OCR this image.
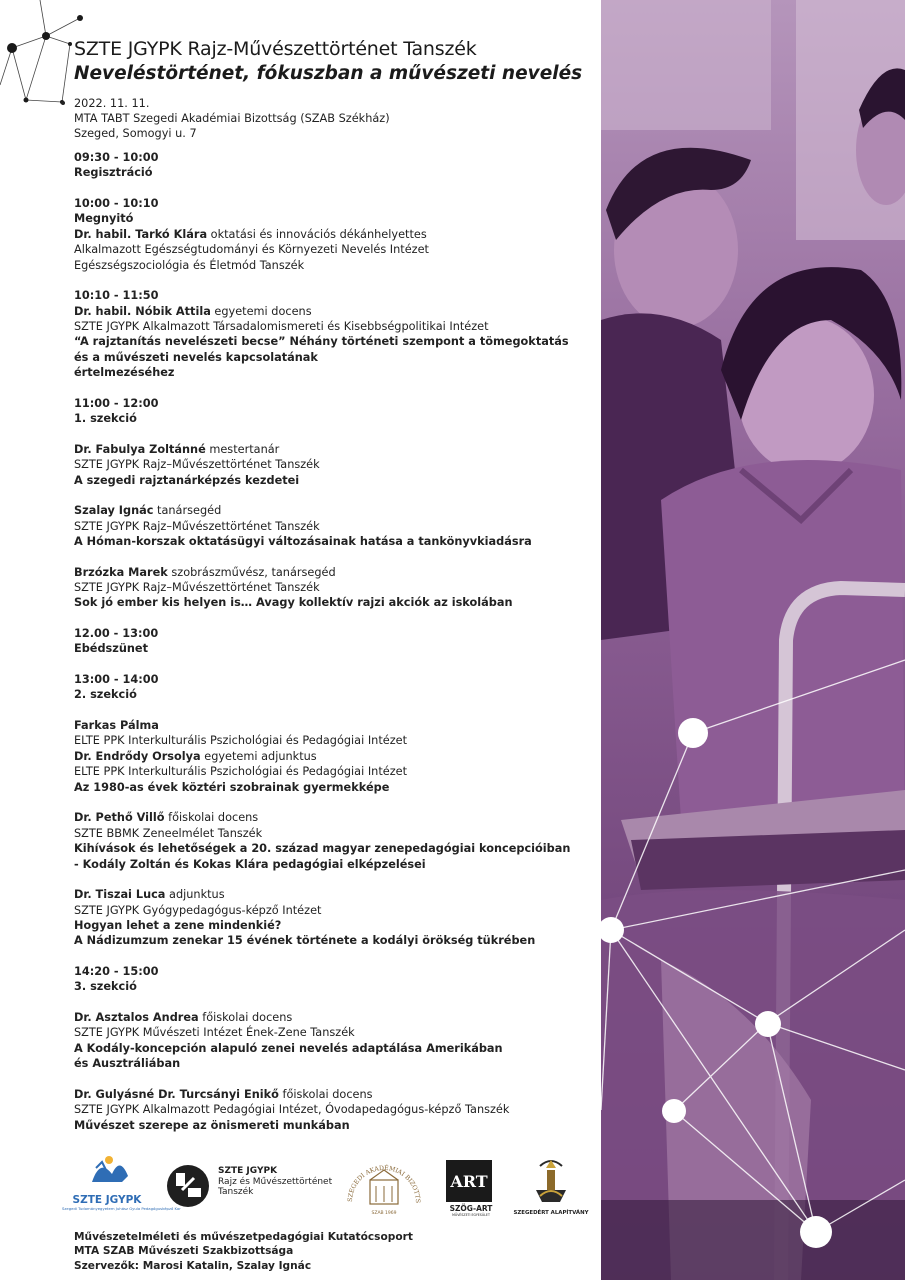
SZTE JGYPK Rajz-Művészettörténet Tanszék
Neveléstörténet, fókuszban a művészeti nevelés
2022. 11. 11.
MTA TABT Szegedi Akadémiai Bizottság (SZAB Székház)
Szeged, Somogyi u. 7
09:30 - 10:00
Regisztráció
10:00 - 10:10
Megnyitó
Dr. habil. Tarkó Klára oktatási és innovációs dékánhelyettes
Alkalmazott Egészségtudományi és Környezeti Nevelés Intézet
Egészségszociológia és Életmód Tanszék
10:10 - 11:50
Dr. habil. Nóbik Attila egyetemi docens
SZTE JGYPK Alkalmazott Társadalomismereti és Kisebbségpolitikai Intézet
“A rajztanítás nevelészeti becse” Néhány történeti szempont a tömegoktatás
és a művészeti nevelés kapcsolatának
értelmezéséhez
11:00 - 12:00
1. szekció
Dr. Fabulya Zoltánné mestertanár
SZTE JGYPK Rajz–Művészettörténet Tanszék
A szegedi rajztanárképzés kezdetei
Szalay Ignác tanársegéd
SZTE JGYPK Rajz–Művészettörténet Tanszék
A Hóman-korszak oktatásügyi változásainak hatása a tankönyvkiadásra
Brzózka Marek szobrászművész, tanársegéd
SZTE JGYPK Rajz–Művészettörténet Tanszék
Sok jó ember kis helyen is… Avagy kollektív rajzi akciók az iskolában
12.00 - 13:00
Ebédszünet
13:00 - 14:00
2. szekció
Farkas Pálma
ELTE PPK Interkulturális Pszichológiai és Pedagógiai Intézet
Dr. Endrődy Orsolya egyetemi adjunktus
ELTE PPK Interkulturális Pszichológiai és Pedagógiai Intézet
Az 1980-as évek köztéri szobrainak gyermekképe
Dr. Pethő Villő főiskolai docens
SZTE BBMK Zeneelmélet Tanszék
Kihívások és lehetőségek a 20. század magyar zenepedagógiai koncepcióiban
- Kodály Zoltán és Kokas Klára pedagógiai elképzelései
Dr. Tiszai Luca adjunktus
SZTE JGYPK Gyógypedagógus-képző Intézet
Hogyan lehet a zene mindenkié?
A Nádizumzum zenekar 15 évének története a kodályi örökség tükrében
14:20 - 15:00
3. szekció
Dr. Asztalos Andrea főiskolai docens
SZTE JGYPK Művészeti Intézet Ének-Zene Tanszék
A Kodály-koncepción alapuló zenei nevelés adaptálása Amerikában
és Ausztráliában
Dr. Gulyásné Dr. Turcsányi Enikő főiskolai docens
SZTE JGYPK Alkalmazott Pedagógiai Intézet, Óvodapedagógus-képző Tanszék
Művészet szerepe az önismereti munkában
SZTE JGYPK
Szegedi Tudományegyetem Juhász Gyula Pedagógusképző Kar
SZTE JGYPK
Rajz és Művészettörténet
Tanszék
SZEGEDI AKADÉMIAI BIZOTTS
SZAB 1969
ART
SZÖG-ART
MŰVÉSZETI EGYESÜLET	SZEGEDÉRT ALAPÍTVÁNY
Művészetelméleti és művészetpedagógiai Kutatócsoport
MTA SZAB Művészeti Szakbizottsága
Szervezők: Marosi Katalin, Szalay Ignác
